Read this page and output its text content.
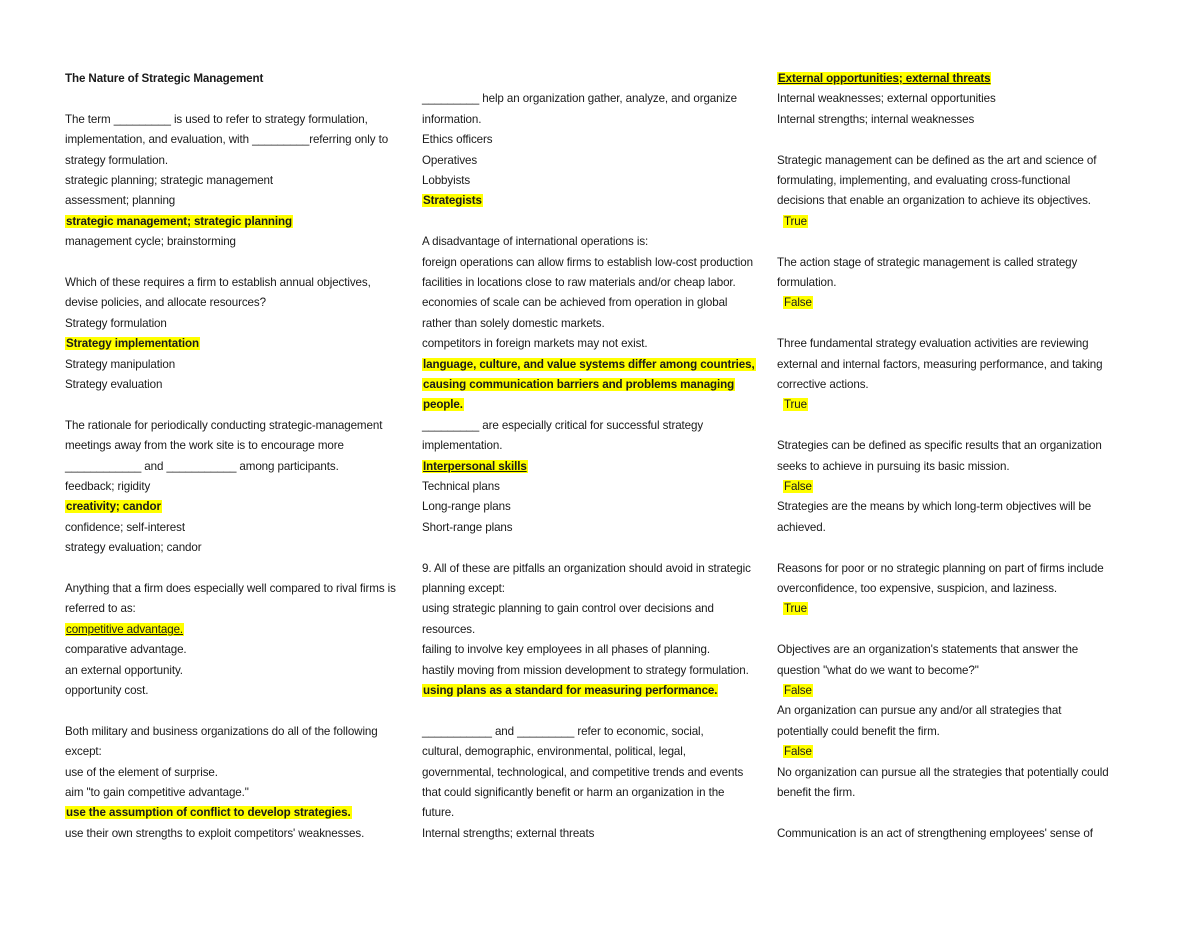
The Nature of Strategic Management
The term _________ is used to refer to strategy formulation,
implementation, and evaluation, with _________referring only to
strategy formulation.
strategic planning; strategic management
assessment; planning
strategic management; strategic planning
management cycle; brainstorming
Which of these requires a firm to establish annual objectives,
devise policies, and allocate resources?
Strategy formulation
Strategy implementation
Strategy manipulation
Strategy evaluation
The rationale for periodically conducting strategic-management
meetings away from the work site is to encourage more
____________ and ___________ among participants.
feedback; rigidity
creativity; candor
confidence; self-interest
strategy evaluation; candor
Anything that a firm does especially well compared to rival firms is
referred to as:
competitive advantage.
comparative advantage.
an external opportunity.
opportunity cost.
Both military and business organizations do all of the following
except:
use of the element of surprise.
aim "to gain competitive advantage."
use the assumption of conflict to develop strategies.
use their own strengths to exploit competitors' weaknesses.
_________ help an organization gather, analyze, and organize
information.
Ethics officers
Operatives
Lobbyists
Strategists
A disadvantage of international operations is:
foreign operations can allow firms to establish low-cost production
facilities in locations close to raw materials and/or cheap labor.
economies of scale can be achieved from operation in global
rather than solely domestic markets.
competitors in foreign markets may not exist.
language, culture, and value systems differ among countries,
causing communication barriers and problems managing
people.
_________ are especially critical for successful strategy
implementation.
Interpersonal skills
Technical plans
Long-range plans
Short-range plans
9. All of these are pitfalls an organization should avoid in strategic
planning except:
using strategic planning to gain control over decisions and
resources.
failing to involve key employees in all phases of planning.
hastily moving from mission development to strategy formulation.
using plans as a standard for measuring performance.
___________ and _________ refer to economic, social,
cultural, demographic, environmental, political, legal,
governmental, technological, and competitive trends and events
that could significantly benefit or harm an organization in the
future.
Internal strengths; external threats
External opportunities; external threats
Internal weaknesses; external opportunities
Internal strengths; internal weaknesses
Strategic management can be defined as the art and science of
formulating, implementing, and evaluating cross-functional
decisions that enable an organization to achieve its objectives.
True
The action stage of strategic management is called strategy
formulation.
False
Three fundamental strategy evaluation activities are reviewing
external and internal factors, measuring performance, and taking
corrective actions.
True
Strategies can be defined as specific results that an organization
seeks to achieve in pursuing its basic mission.
False
Strategies are the means by which long-term objectives will be
achieved.
Reasons for poor or no strategic planning on part of firms include
overconfidence, too expensive, suspicion, and laziness.
True
Objectives are an organization's statements that answer the
question "what do we want to become?"
False
An organization can pursue any and/or all strategies that
potentially could benefit the firm.
False
No organization can pursue all the strategies that potentially could
benefit the firm.
Communication is an act of strengthening employees' sense of
